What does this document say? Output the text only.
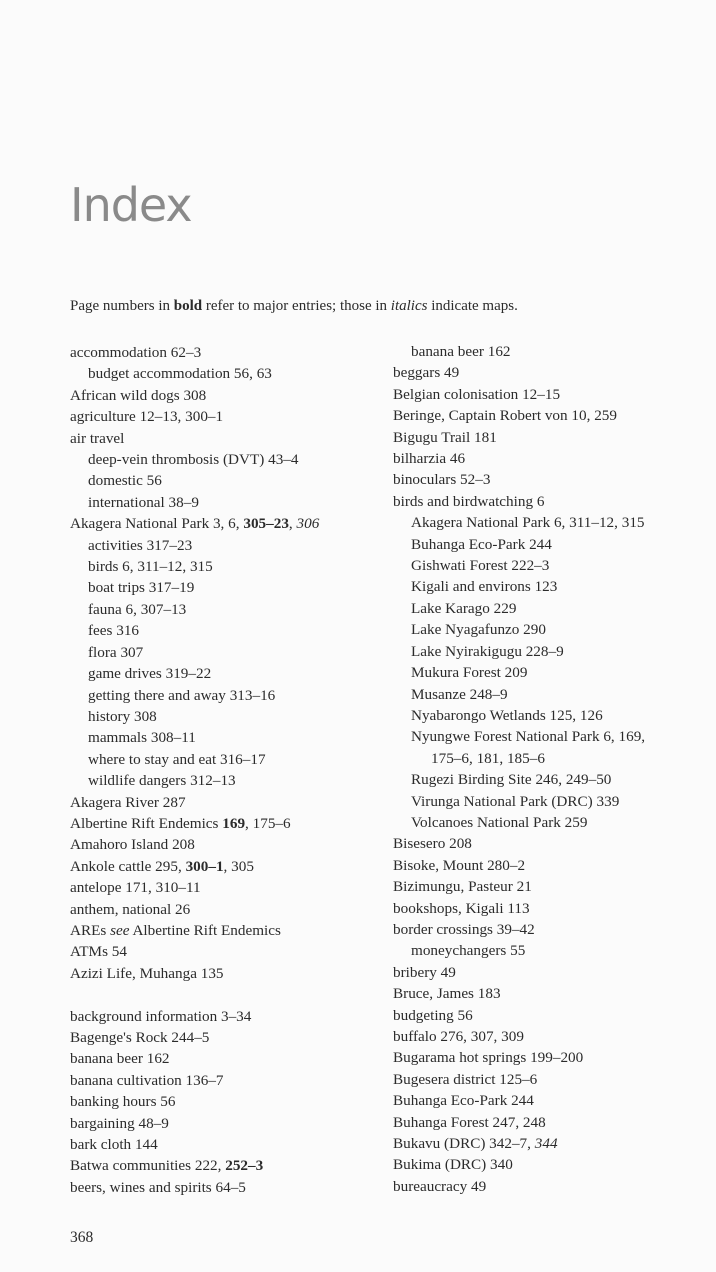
Index
Page numbers in bold refer to major entries; those in italics indicate maps.
accommodation 62–3
budget accommodation 56, 63
African wild dogs 308
agriculture 12–13, 300–1
air travel
deep-vein thrombosis (DVT) 43–4
domestic 56
international 38–9
Akagera National Park 3, 6, 305–23, 306
activities 317–23
birds 6, 311–12, 315
boat trips 317–19
fauna 6, 307–13
fees 316
flora 307
game drives 319–22
getting there and away 313–16
history 308
mammals 308–11
where to stay and eat 316–17
wildlife dangers 312–13
Akagera River 287
Albertine Rift Endemics 169, 175–6
Amahoro Island 208
Ankole cattle 295, 300–1, 305
antelope 171, 310–11
anthem, national 26
AREs see Albertine Rift Endemics
ATMs 54
Azizi Life, Muhanga 135
background information 3–34
Bagenge's Rock 244–5
banana beer 162
banana cultivation 136–7
banking hours 56
bargaining 48–9
bark cloth 144
Batwa communities 222, 252–3
beers, wines and spirits 64–5
banana beer 162
beggars 49
Belgian colonisation 12–15
Beringe, Captain Robert von 10, 259
Bigugu Trail 181
bilharzia 46
binoculars 52–3
birds and birdwatching 6
Akagera National Park 6, 311–12, 315
Buhanga Eco-Park 244
Gishwati Forest 222–3
Kigali and environs 123
Lake Karago 229
Lake Nyagafunzo 290
Lake Nyirakigugu 228–9
Mukura Forest 209
Musanze 248–9
Nyabarongo Wetlands 125, 126
Nyungwe Forest National Park 6, 169,
175–6, 181, 185–6
Rugezi Birding Site 246, 249–50
Virunga National Park (DRC) 339
Volcanoes National Park 259
Bisesero 208
Bisoke, Mount 280–2
Bizimungu, Pasteur 21
bookshops, Kigali 113
border crossings 39–42
moneychangers 55
bribery 49
Bruce, James 183
budgeting 56
buffalo 276, 307, 309
Bugarama hot springs 199–200
Bugesera district 125–6
Buhanga Eco-Park 244
Buhanga Forest 247, 248
Bukavu (DRC) 342–7, 344
Bukima (DRC) 340
bureaucracy 49
368
